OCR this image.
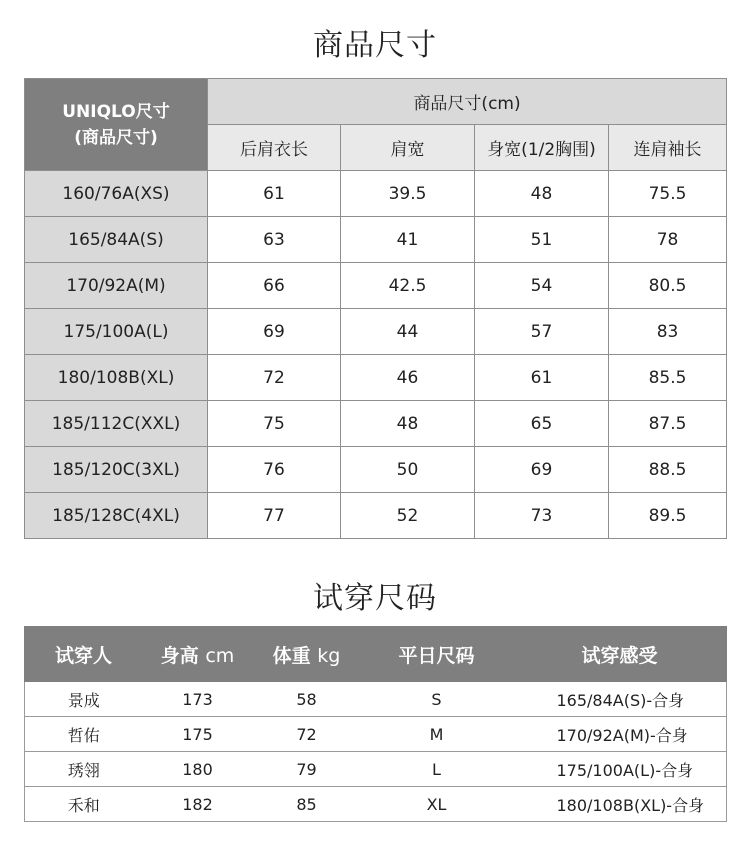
商品尺寸
UNIQLO尺寸
(商品尺寸)	商品尺寸(cm)			
	后肩衣长	肩宽	身宽(1/2胸围)	连肩袖长
160/76A(XS)	61	39.5	48	75.5
165/84A(S)	63	41	51	78
170/92A(M)	66	42.5	54	80.5
175/100A(L)	69	44	57	83
180/108B(XL)	72	46	61	85.5
185/112C(XXL)	75	48	65	87.5
185/120C(3XL)	76	50	69	88.5
185/128C(4XL)	77	52	73	89.5
试穿尺码
试穿人	身高 cm	体重 kg	平日尺码	试穿感受
景成	173	58	S	165/84A(S)-合身
哲佑	175	72	M	170/92A(M)-合身
琇翎	180	79	L	175/100A(L)-合身
禾和	182	85	XL	180/108B(XL)-合身
